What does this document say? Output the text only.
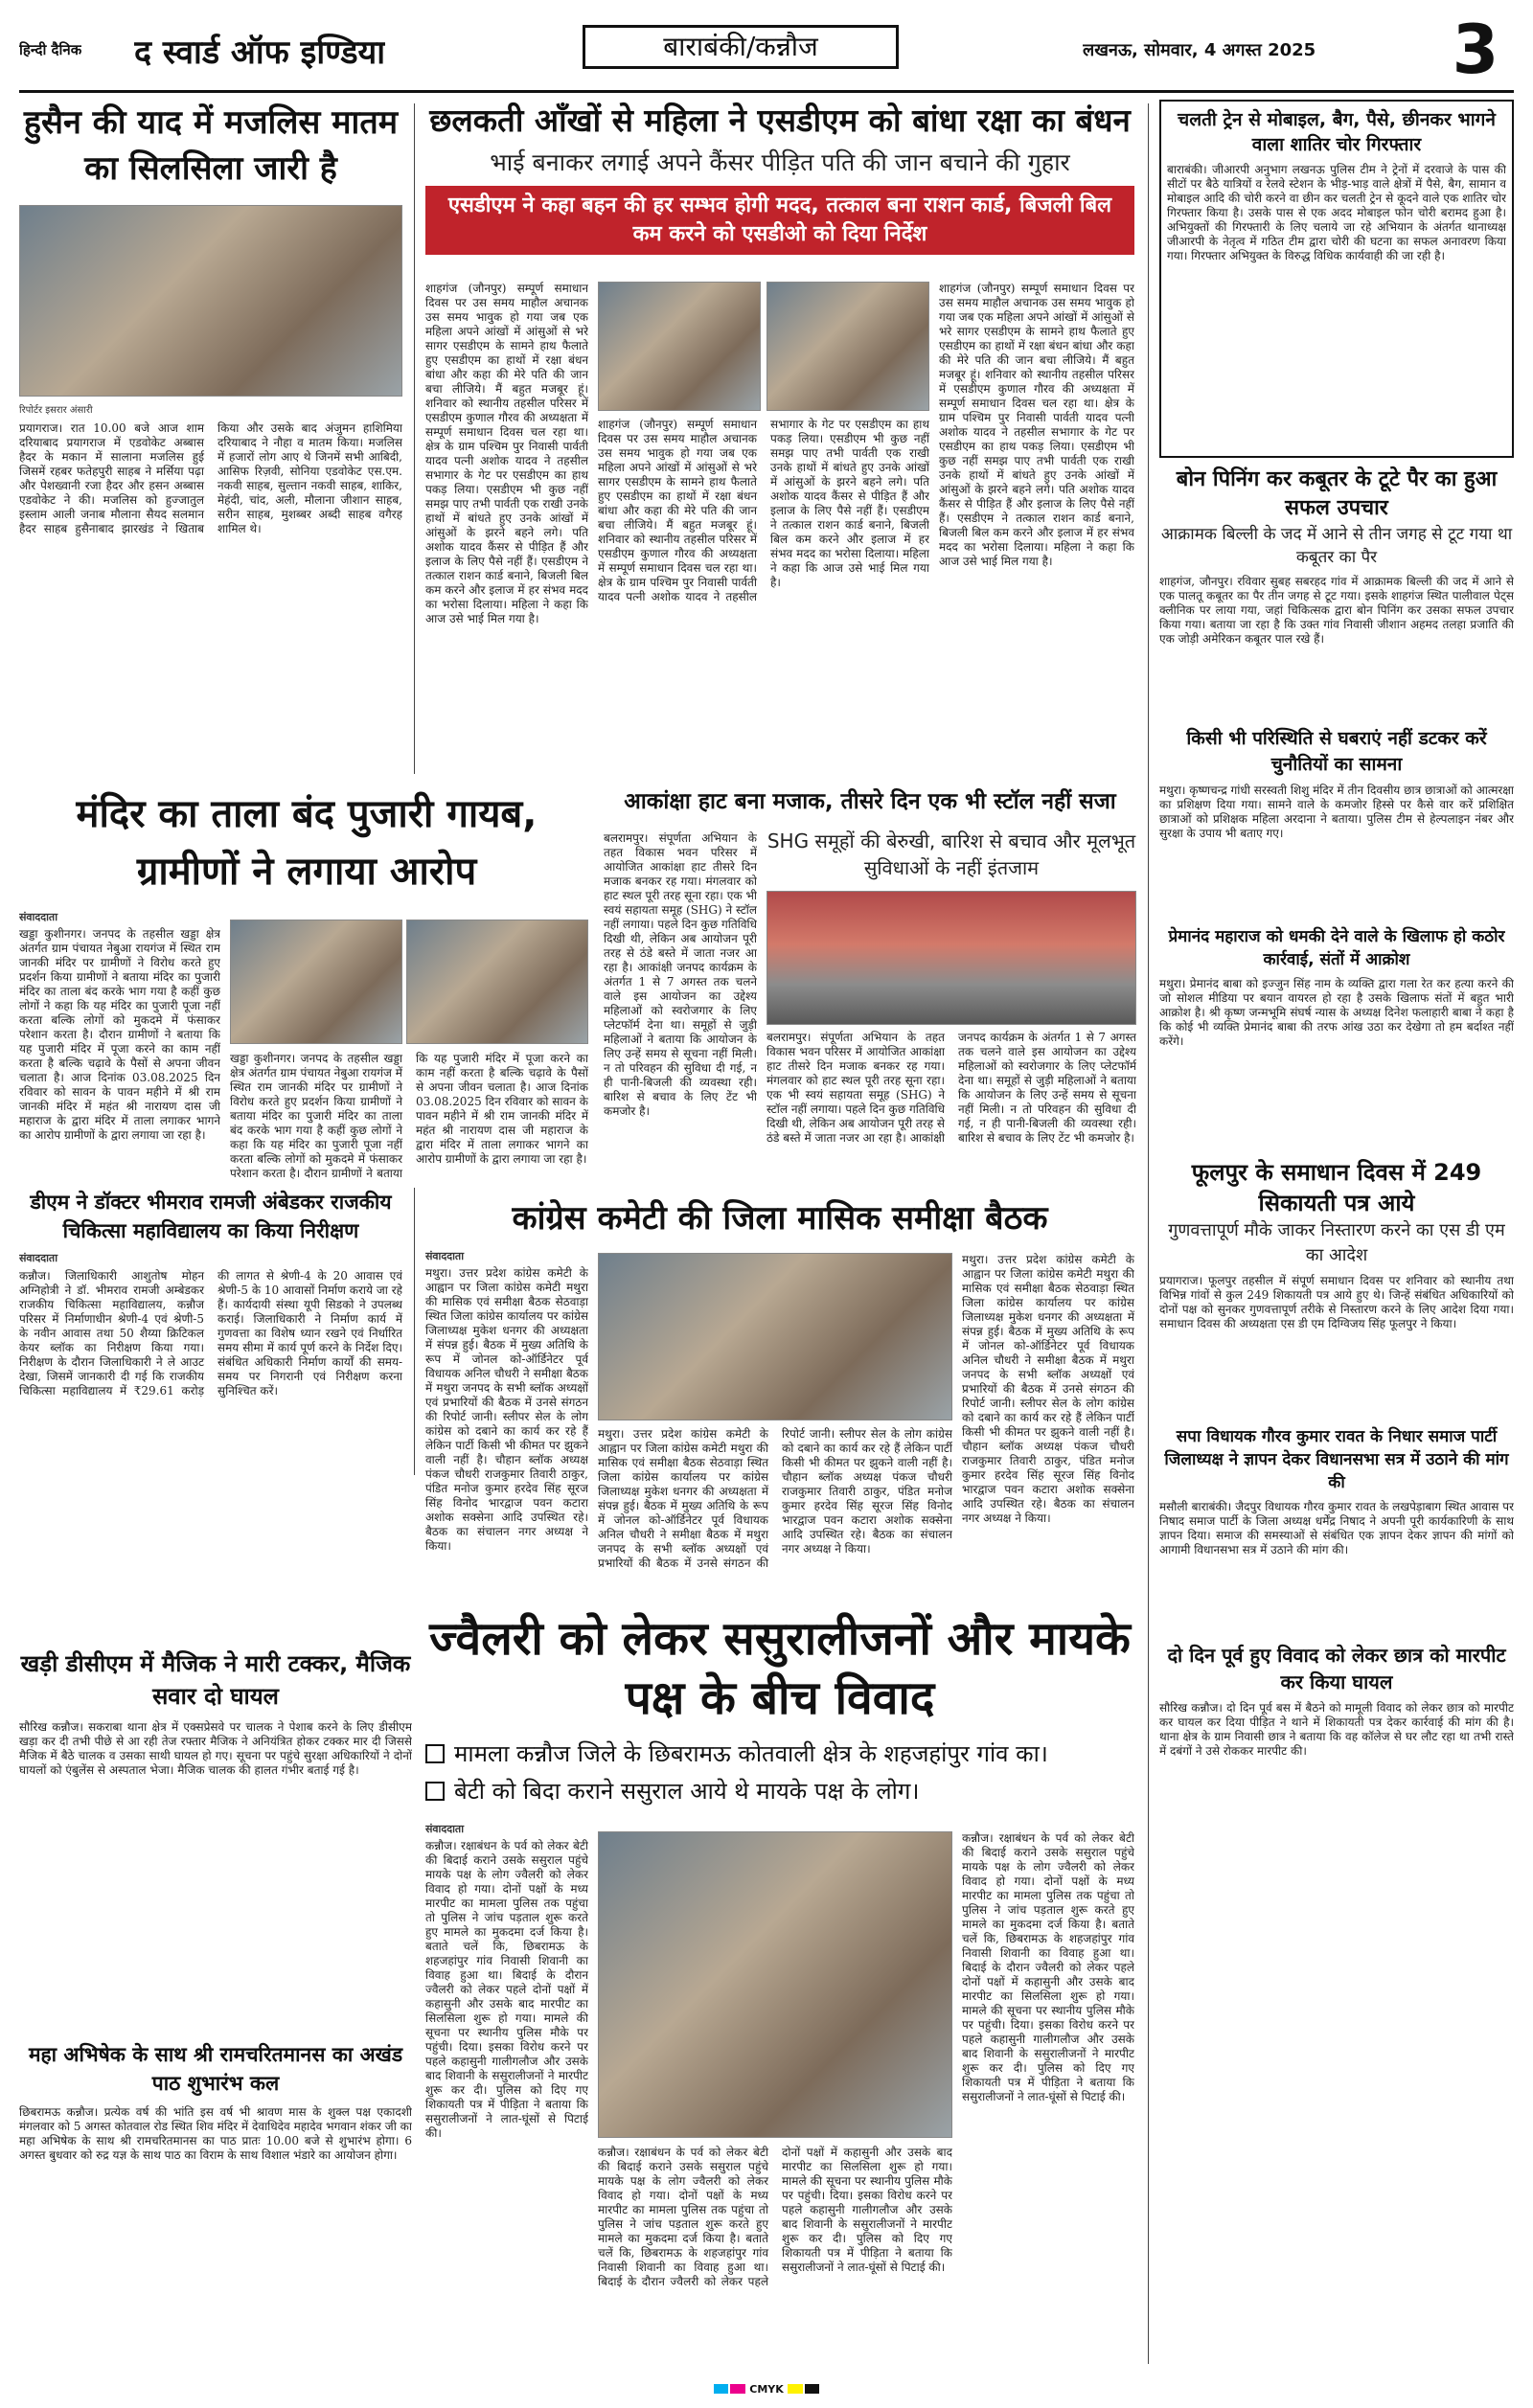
हिन्दी दैनिक द स्वार्ड ऑफ इण्डिया	बाराबंकी/कन्नौज	लखनऊ, सोमवार, 4 अगस्त 2025 3
हुसैन की याद में मजलिस मातम का सिलसिला जारी है
रिपोर्टर इसरार अंसारी
प्रयागराज। रात 10.00 बजे आज शाम दरियाबाद प्रयागराज में एडवोकेट अब्बास हैदर के मकान में सालाना मजलिस हुई जिसमें रहबर फतेहपुरी साहब ने मर्सिया पढ़ा और पेशख्वानी रजा हैदर और हसन अब्बास एडवोकेट ने की। मजलिस को हुज्जातुल इस्लाम आली जनाब मौलाना सैयद सलमान हैदर साहब हुसैनाबाद झारखंड ने खिताब किया और उसके बाद अंजुमन हाशिमिया दरियाबाद ने नौहा व मातम किया। मजलिस में हजारों लोग आए थे जिनमें सभी आबिदी, आसिफ रिज़वी, सोनिया एडवोकेट एस.एम. नकवी साहब, सुल्तान नकवी साहब, शाकिर, मेहंदी, चांद, अली, मौलाना जीशान साहब, सरीन साहब, मुशब्बर अब्दी साहब वगैरह शामिल थे।
छलकती आँखों से महिला ने एसडीएम को बांधा रक्षा का बंधन
भाई बनाकर लगाई अपने कैंसर पीड़ित पति की जान बचाने की गुहार
एसडीएम ने कहा बहन की हर सम्भव होगी मदद, तत्काल बना राशन कार्ड, बिजली बिल कम करने को एसडीओ को दिया निर्देश
शाहगंज (जौनपुर) सम्पूर्ण समाधान दिवस पर उस समय माहौल अचानक उस समय भावुक हो गया जब एक महिला अपने आंखों में आंसुओं से भरे सागर एसडीएम के सामने हाथ फैलाते हुए एसडीएम का हाथों में रक्षा बंधन बांधा और कहा की मेरे पति की जान बचा लीजिये। मैं बहुत मजबूर हूं। शनिवार को स्थानीय तहसील परिसर में एसडीएम कुणाल गौरव की अध्यक्षता में सम्पूर्ण समाधान दिवस चल रहा था। क्षेत्र के ग्राम पश्चिम पुर निवासी पार्वती यादव पत्नी अशोक यादव ने तहसील सभागार के गेट पर एसडीएम का हाथ पकड़ लिया। एसडीएम भी कुछ नहीं समझ पाए तभी पार्वती एक राखी उनके हाथों में बांधते हुए उनके आंखों में आंसुओं के झरने बहने लगे। पति अशोक यादव कैंसर से पीड़ित हैं और इलाज के लिए पैसे नहीं हैं। एसडीएम ने तत्काल राशन कार्ड बनाने, बिजली बिल कम करने और इलाज में हर संभव मदद का भरोसा दिलाया। महिला ने कहा कि आज उसे भाई मिल गया है।
शाहगंज (जौनपुर) सम्पूर्ण समाधान दिवस पर उस समय माहौल अचानक उस समय भावुक हो गया जब एक महिला अपने आंखों में आंसुओं से भरे सागर एसडीएम के सामने हाथ फैलाते हुए एसडीएम का हाथों में रक्षा बंधन बांधा और कहा की मेरे पति की जान बचा लीजिये। मैं बहुत मजबूर हूं। शनिवार को स्थानीय तहसील परिसर में एसडीएम कुणाल गौरव की अध्यक्षता में सम्पूर्ण समाधान दिवस चल रहा था। क्षेत्र के ग्राम पश्चिम पुर निवासी पार्वती यादव पत्नी अशोक यादव ने तहसील सभागार के गेट पर एसडीएम का हाथ पकड़ लिया। एसडीएम भी कुछ नहीं समझ पाए तभी पार्वती एक राखी उनके हाथों में बांधते हुए उनके आंखों में आंसुओं के झरने बहने लगे। पति अशोक यादव कैंसर से पीड़ित हैं और इलाज के लिए पैसे नहीं हैं। एसडीएम ने तत्काल राशन कार्ड बनाने, बिजली बिल कम करने और इलाज में हर संभव मदद का भरोसा दिलाया। महिला ने कहा कि आज उसे भाई मिल गया है।
शाहगंज (जौनपुर) सम्पूर्ण समाधान दिवस पर उस समय माहौल अचानक उस समय भावुक हो गया जब एक महिला अपने आंखों में आंसुओं से भरे सागर एसडीएम के सामने हाथ फैलाते हुए एसडीएम का हाथों में रक्षा बंधन बांधा और कहा की मेरे पति की जान बचा लीजिये। मैं बहुत मजबूर हूं। शनिवार को स्थानीय तहसील परिसर में एसडीएम कुणाल गौरव की अध्यक्षता में सम्पूर्ण समाधान दिवस चल रहा था। क्षेत्र के ग्राम पश्चिम पुर निवासी पार्वती यादव पत्नी अशोक यादव ने तहसील सभागार के गेट पर एसडीएम का हाथ पकड़ लिया। एसडीएम भी कुछ नहीं समझ पाए तभी पार्वती एक राखी उनके हाथों में बांधते हुए उनके आंखों में आंसुओं के झरने बहने लगे। पति अशोक यादव कैंसर से पीड़ित हैं और इलाज के लिए पैसे नहीं हैं। एसडीएम ने तत्काल राशन कार्ड बनाने, बिजली बिल कम करने और इलाज में हर संभव मदद का भरोसा दिलाया। महिला ने कहा कि आज उसे भाई मिल गया है।
मंदिर का ताला बंद पुजारी गायब, ग्रामीणों ने लगाया आरोप
संवाददाता
खड्डा कुशीनगर। जनपद के तहसील खड्डा क्षेत्र अंतर्गत ग्राम पंचायत नेबुआ रायगंज में स्थित राम जानकी मंदिर पर ग्रामीणों ने विरोध करते हुए प्रदर्शन किया ग्रामीणों ने बताया मंदिर का पुजारी मंदिर का ताला बंद करके भाग गया है कहीं कुछ लोगों ने कहा कि यह मंदिर का पुजारी पूजा नहीं करता बल्कि लोगों को मुकदमे में फंसाकर परेशान करता है। दौरान ग्रामीणों ने बताया कि यह पुजारी मंदिर में पूजा करने का काम नहीं करता है बल्कि चढ़ावे के पैसों से अपना जीवन चलाता है। आज दिनांक 03.08.2025 दिन रविवार को सावन के पावन महीने में श्री राम जानकी मंदिर में महंत श्री नारायण दास जी महाराज के द्वारा मंदिर में ताला लगाकर भागने का आरोप ग्रामीणों के द्वारा लगाया जा रहा है।
खड्डा कुशीनगर। जनपद के तहसील खड्डा क्षेत्र अंतर्गत ग्राम पंचायत नेबुआ रायगंज में स्थित राम जानकी मंदिर पर ग्रामीणों ने विरोध करते हुए प्रदर्शन किया ग्रामीणों ने बताया मंदिर का पुजारी मंदिर का ताला बंद करके भाग गया है कहीं कुछ लोगों ने कहा कि यह मंदिर का पुजारी पूजा नहीं करता बल्कि लोगों को मुकदमे में फंसाकर परेशान करता है। दौरान ग्रामीणों ने बताया कि यह पुजारी मंदिर में पूजा करने का काम नहीं करता है बल्कि चढ़ावे के पैसों से अपना जीवन चलाता है। आज दिनांक 03.08.2025 दिन रविवार को सावन के पावन महीने में श्री राम जानकी मंदिर में महंत श्री नारायण दास जी महाराज के द्वारा मंदिर में ताला लगाकर भागने का आरोप ग्रामीणों के द्वारा लगाया जा रहा है।
आकांक्षा हाट बना मजाक, तीसरे दिन एक भी स्टॉल नहीं सजा
बलरामपुर। संपूर्णता अभियान के तहत विकास भवन परिसर में आयोजित आकांक्षा हाट तीसरे दिन मजाक बनकर रह गया। मंगलवार को हाट स्थल पूरी तरह सूना रहा। एक भी स्वयं सहायता समूह (SHG) ने स्टॉल नहीं लगाया। पहले दिन कुछ गतिविधि दिखी थी, लेकिन अब आयोजन पूरी तरह से ठंडे बस्ते में जाता नजर आ रहा है। आकांक्षी जनपद कार्यक्रम के अंतर्गत 1 से 7 अगस्त तक चलने वाले इस आयोजन का उद्देश्य महिलाओं को स्वरोजगार के लिए प्लेटफॉर्म देना था। समूहों से जुड़ी महिलाओं ने बताया कि आयोजन के लिए उन्हें समय से सूचना नहीं मिली। न तो परिवहन की सुविधा दी गई, न ही पानी-बिजली की व्यवस्था रही। बारिश से बचाव के लिए टेंट भी कमजोर है।
SHG समूहों की बेरुखी, बारिश से बचाव और मूलभूत सुविधाओं के नहीं इंतजाम
बलरामपुर। संपूर्णता अभियान के तहत विकास भवन परिसर में आयोजित आकांक्षा हाट तीसरे दिन मजाक बनकर रह गया। मंगलवार को हाट स्थल पूरी तरह सूना रहा। एक भी स्वयं सहायता समूह (SHG) ने स्टॉल नहीं लगाया। पहले दिन कुछ गतिविधि दिखी थी, लेकिन अब आयोजन पूरी तरह से ठंडे बस्ते में जाता नजर आ रहा है। आकांक्षी जनपद कार्यक्रम के अंतर्गत 1 से 7 अगस्त तक चलने वाले इस आयोजन का उद्देश्य महिलाओं को स्वरोजगार के लिए प्लेटफॉर्म देना था। समूहों से जुड़ी महिलाओं ने बताया कि आयोजन के लिए उन्हें समय से सूचना नहीं मिली। न तो परिवहन की सुविधा दी गई, न ही पानी-बिजली की व्यवस्था रही। बारिश से बचाव के लिए टेंट भी कमजोर है।
डीएम ने डॉक्टर भीमराव रामजी अंबेडकर राजकीय चिकित्सा महाविद्यालय का किया निरीक्षण
संवाददाता
कन्नौज। जिलाधिकारी आशुतोष मोहन अग्निहोत्री ने डॉ. भीमराव रामजी अम्बेडकर राजकीय चिकित्सा महाविद्यालय, कन्नौज परिसर में निर्माणाधीन श्रेणी-4 एवं श्रेणी-5 के नवीन आवास तथा 50 शैय्या क्रिटिकल केयर ब्लॉक का निरीक्षण किया गया। निरीक्षण के दौरान जिलाधिकारी ने ले आउट देखा, जिसमें जानकारी दी गई कि राजकीय चिकित्सा महाविद्यालय में ₹29.61 करोड़ की लागत से श्रेणी-4 के 20 आवास एवं श्रेणी-5 के 10 आवासों निर्माण कराये जा रहे हैं। कार्यदायी संस्था यूपी सिडको ने उपलब्ध कराई। जिलाधिकारी ने निर्माण कार्य में गुणवत्ता का विशेष ध्यान रखने एवं निर्धारित समय सीमा में कार्य पूर्ण करने के निर्देश दिए। संबंधित अधिकारी निर्माण कार्यों की समय-समय पर निगरानी एवं निरीक्षण करना सुनिश्चित करें।
कांग्रेस कमेटी की जिला मासिक समीक्षा बैठक
संवाददाता
मथुरा। उत्तर प्रदेश कांग्रेस कमेटी के आह्वान पर जिला कांग्रेस कमेटी मथुरा की मासिक एवं समीक्षा बैठक सेठवाड़ा स्थित जिला कांग्रेस कार्यालय पर कांग्रेस जिलाध्यक्ष मुकेश धनगर की अध्यक्षता में संपन्न हुई। बैठक में मुख्य अतिथि के रूप में जोनल को-ऑर्डिनेटर पूर्व विधायक अनिल चौधरी ने समीक्षा बैठक में मथुरा जनपद के सभी ब्लॉक अध्यक्षों एवं प्रभारियों की बैठक में उनसे संगठन की रिपोर्ट जानी। स्लीपर सेल के लोग कांग्रेस को दबाने का कार्य कर रहे हैं लेकिन पार्टी किसी भी कीमत पर झुकने वाली नहीं है। चौहान ब्लॉक अध्यक्ष पंकज चौधरी राजकुमार तिवारी ठाकुर, पंडित मनोज कुमार हरदेव सिंह सूरज सिंह विनोद भारद्वाज पवन कटारा अशोक सक्सेना आदि उपस्थित रहे। बैठक का संचालन नगर अध्यक्ष ने किया।
मथुरा। उत्तर प्रदेश कांग्रेस कमेटी के आह्वान पर जिला कांग्रेस कमेटी मथुरा की मासिक एवं समीक्षा बैठक सेठवाड़ा स्थित जिला कांग्रेस कार्यालय पर कांग्रेस जिलाध्यक्ष मुकेश धनगर की अध्यक्षता में संपन्न हुई। बैठक में मुख्य अतिथि के रूप में जोनल को-ऑर्डिनेटर पूर्व विधायक अनिल चौधरी ने समीक्षा बैठक में मथुरा जनपद के सभी ब्लॉक अध्यक्षों एवं प्रभारियों की बैठक में उनसे संगठन की रिपोर्ट जानी। स्लीपर सेल के लोग कांग्रेस को दबाने का कार्य कर रहे हैं लेकिन पार्टी किसी भी कीमत पर झुकने वाली नहीं है। चौहान ब्लॉक अध्यक्ष पंकज चौधरी राजकुमार तिवारी ठाकुर, पंडित मनोज कुमार हरदेव सिंह सूरज सिंह विनोद भारद्वाज पवन कटारा अशोक सक्सेना आदि उपस्थित रहे। बैठक का संचालन नगर अध्यक्ष ने किया।
मथुरा। उत्तर प्रदेश कांग्रेस कमेटी के आह्वान पर जिला कांग्रेस कमेटी मथुरा की मासिक एवं समीक्षा बैठक सेठवाड़ा स्थित जिला कांग्रेस कार्यालय पर कांग्रेस जिलाध्यक्ष मुकेश धनगर की अध्यक्षता में संपन्न हुई। बैठक में मुख्य अतिथि के रूप में जोनल को-ऑर्डिनेटर पूर्व विधायक अनिल चौधरी ने समीक्षा बैठक में मथुरा जनपद के सभी ब्लॉक अध्यक्षों एवं प्रभारियों की बैठक में उनसे संगठन की रिपोर्ट जानी। स्लीपर सेल के लोग कांग्रेस को दबाने का कार्य कर रहे हैं लेकिन पार्टी किसी भी कीमत पर झुकने वाली नहीं है। चौहान ब्लॉक अध्यक्ष पंकज चौधरी राजकुमार तिवारी ठाकुर, पंडित मनोज कुमार हरदेव सिंह सूरज सिंह विनोद भारद्वाज पवन कटारा अशोक सक्सेना आदि उपस्थित रहे। बैठक का संचालन नगर अध्यक्ष ने किया।
ज्वैलरी को लेकर ससुरालीजनों और मायके पक्ष के बीच विवाद
मामला कन्नौज जिले के छिबरामऊ कोतवाली क्षेत्र के शहजहांपुर गांव का।
बेटी को बिदा कराने ससुराल आये थे मायके पक्ष के लोग।
संवाददाता
कन्नौज। रक्षाबंधन के पर्व को लेकर बेटी की बिदाई कराने उसके ससुराल पहुंचे मायके पक्ष के लोग ज्वैलरी को लेकर विवाद हो गया। दोनों पक्षों के मध्य मारपीट का मामला पुलिस तक पहुंचा तो पुलिस ने जांच पड़ताल शुरू करते हुए मामले का मुकदमा दर्ज किया है। बताते चलें कि, छिबरामऊ के शहजहांपुर गांव निवासी शिवानी का विवाह हुआ था। बिदाई के दौरान ज्वैलरी को लेकर पहले दोनों पक्षों में कहासुनी और उसके बाद मारपीट का सिलसिला शुरू हो गया। मामले की सूचना पर स्थानीय पुलिस मौके पर पहुंची। दिया। इसका विरोध करने पर पहले कहासुनी गालीगलौज और उसके बाद शिवानी के ससुरालीजनों ने मारपीट शुरू कर दी। पुलिस को दिए गए शिकायती पत्र में पीड़िता ने बताया कि ससुरालीजनों ने लात-घूंसों से पिटाई की।
कन्नौज। रक्षाबंधन के पर्व को लेकर बेटी की बिदाई कराने उसके ससुराल पहुंचे मायके पक्ष के लोग ज्वैलरी को लेकर विवाद हो गया। दोनों पक्षों के मध्य मारपीट का मामला पुलिस तक पहुंचा तो पुलिस ने जांच पड़ताल शुरू करते हुए मामले का मुकदमा दर्ज किया है। बताते चलें कि, छिबरामऊ के शहजहांपुर गांव निवासी शिवानी का विवाह हुआ था। बिदाई के दौरान ज्वैलरी को लेकर पहले दोनों पक्षों में कहासुनी और उसके बाद मारपीट का सिलसिला शुरू हो गया। मामले की सूचना पर स्थानीय पुलिस मौके पर पहुंची। दिया। इसका विरोध करने पर पहले कहासुनी गालीगलौज और उसके बाद शिवानी के ससुरालीजनों ने मारपीट शुरू कर दी। पुलिस को दिए गए शिकायती पत्र में पीड़िता ने बताया कि ससुरालीजनों ने लात-घूंसों से पिटाई की।
कन्नौज। रक्षाबंधन के पर्व को लेकर बेटी की बिदाई कराने उसके ससुराल पहुंचे मायके पक्ष के लोग ज्वैलरी को लेकर विवाद हो गया। दोनों पक्षों के मध्य मारपीट का मामला पुलिस तक पहुंचा तो पुलिस ने जांच पड़ताल शुरू करते हुए मामले का मुकदमा दर्ज किया है। बताते चलें कि, छिबरामऊ के शहजहांपुर गांव निवासी शिवानी का विवाह हुआ था। बिदाई के दौरान ज्वैलरी को लेकर पहले दोनों पक्षों में कहासुनी और उसके बाद मारपीट का सिलसिला शुरू हो गया। मामले की सूचना पर स्थानीय पुलिस मौके पर पहुंची। दिया। इसका विरोध करने पर पहले कहासुनी गालीगलौज और उसके बाद शिवानी के ससुरालीजनों ने मारपीट शुरू कर दी। पुलिस को दिए गए शिकायती पत्र में पीड़िता ने बताया कि ससुरालीजनों ने लात-घूंसों से पिटाई की।
खड़ी डीसीएम में मैजिक ने मारी टक्कर, मैजिक सवार दो घायल
सौरिख कन्नौज। सकराबा थाना क्षेत्र में एक्सप्रेसवे पर चालक ने पेशाब करने के लिए डीसीएम खड़ा कर दी तभी पीछे से आ रही तेज रफ्तार मैजिक ने अनियंत्रित होकर टक्कर मार दी जिससे मैजिक में बैठे चालक व उसका साथी घायल हो गए। सूचना पर पहुंचे सुरक्षा अधिकारियों ने दोनों घायलों को एंबुलेंस से अस्पताल भेजा। मैजिक चालक की हालत गंभीर बताई गई है।
महा अभिषेक के साथ श्री रामचरितमानस का अखंड पाठ शुभारंभ कल
छिबरामऊ कन्नौज। प्रत्येक वर्ष की भांति इस वर्ष भी श्रावण मास के शुक्ल पक्ष एकादशी मंगलवार को 5 अगस्त कोतवाल रोड स्थित शिव मंदिर में देवाधिदेव महादेव भगवान शंकर जी का महा अभिषेक के साथ श्री रामचरितमानस का पाठ प्रातः 10.00 बजे से शुभारंभ होगा। 6 अगस्त बुधवार को रुद्र यज्ञ के साथ पाठ का विराम के साथ विशाल भंडारे का आयोजन होगा।
चलती ट्रेन से मोबाइल, बैग, पैसे, छीनकर भागने वाला शातिर चोर गिरफ्तार
बाराबंकी। जीआरपी अनुभाग लखनऊ पुलिस टीम ने ट्रेनों में दरवाजे के पास की सीटों पर बैठे यात्रियों व रेलवे स्टेशन के भीड़-भाड़ वाले क्षेत्रों में पैसे, बैग, सामान व मोबाइल आदि की चोरी करने वा छीन कर चलती ट्रेन से कूदने वाले एक शातिर चोर गिरफ्तार किया है। उसके पास से एक अदद मोबाइल फोन चोरी बरामद हुआ है। अभियुक्तों की गिरफ्तारी के लिए चलाये जा रहे अभियान के अंतर्गत थानाध्यक्ष जीआरपी के नेतृत्व में गठित टीम द्वारा चोरी की घटना का सफल अनावरण किया गया। गिरफ्तार अभियुक्त के विरुद्ध विधिक कार्यवाही की जा रही है।
बोन पिनिंग कर कबूतर के टूटे पैर का हुआ सफल उपचार
आक्रामक बिल्ली के जद में आने से तीन जगह से टूट गया था कबूतर का पैर
शाहगंज, जौनपुर। रविवार सुबह सबरहद गांव में आक्रामक बिल्ली की जद में आने से एक पालतू कबूतर का पैर तीन जगह से टूट गया। इसके शाहगंज स्थित पालीवाल पेट्स क्लीनिक पर लाया गया, जहां चिकित्सक द्वारा बोन पिनिंग कर उसका सफल उपचार किया गया। बताया जा रहा है कि उक्त गांव निवासी जीशान अहमद तलहा प्रजाति की एक जोड़ी अमेरिकन कबूतर पाल रखे हैं।
किसी भी परिस्थिति से घबराएं नहीं डटकर करें चुनौतियों का सामना
मथुरा। कृष्णचन्द्र गांधी सरस्वती शिशु मंदिर में तीन दिवसीय छात्र छात्राओं को आत्मरक्षा का प्रशिक्षण दिया गया। सामने वाले के कमजोर हिस्से पर कैसे वार करें प्रशिक्षित छात्राओं को प्रशिक्षक महिला अरदाना ने बताया। पुलिस टीम से हेल्पलाइन नंबर और सुरक्षा के उपाय भी बताए गए।
प्रेमानंद महाराज को धमकी देने वाले के खिलाफ हो कठोर कार्रवाई, संतों में आक्रोश
मथुरा। प्रेमानंद बाबा को इज्जुन सिंह नाम के व्यक्ति द्वारा गला रेत कर हत्या करने की जो सोशल मीडिया पर बयान वायरल हो रहा है उसके खिलाफ संतों में बहुत भारी आक्रोश है। श्री कृष्ण जन्मभूमि संघर्ष न्यास के अध्यक्ष दिनेश फलाहारी बाबा ने कहा है कि कोई भी व्यक्ति प्रेमानंद बाबा की तरफ आंख उठा कर देखेगा तो हम बर्दाश्त नहीं करेंगे।
फूलपुर के समाधान दिवस में 249 सिकायती पत्र आये
गुणवत्तापूर्ण मौके जाकर निस्तारण करने का एस डी एम का आदेश
प्रयागराज। फूलपुर तहसील में संपूर्ण समाधान दिवस पर शनिवार को स्थानीय तथा विभिन्न गांवों से कुल 249 शिकायती पत्र आये हुए थे। जिन्हें संबंधित अधिकारियों को दोनों पक्ष को सुनकर गुणवत्तापूर्ण तरीके से निस्तारण करने के लिए आदेश दिया गया। समाधान दिवस की अध्यक्षता एस डी एम दिग्विजय सिंह फूलपुर ने किया।
सपा विधायक गौरव कुमार रावत के निधार समाज पार्टी जिलाध्यक्ष ने ज्ञापन देकर विधानसभा सत्र में उठाने की मांग की
मसौली बाराबंकी। जैदपुर विधायक गौरव कुमार रावत के लखपेड़ाबाग स्थित आवास पर निषाद समाज पार्टी के जिला अध्यक्ष धर्मेंद्र निषाद ने अपनी पूरी कार्यकारिणी के साथ ज्ञापन दिया। समाज की समस्याओं से संबंधित एक ज्ञापन देकर ज्ञापन की मांगों को आगामी विधानसभा सत्र में उठाने की मांग की।
दो दिन पूर्व हुए विवाद को लेकर छात्र को मारपीट कर किया घायल
सौरिख कन्नौज। दो दिन पूर्व बस में बैठने को मामूली विवाद को लेकर छात्र को मारपीट कर घायल कर दिया पीड़ित ने थाने में शिकायती पत्र देकर कार्रवाई की मांग की है। थाना क्षेत्र के ग्राम निवासी छात्र ने बताया कि वह कॉलेज से घर लौट रहा था तभी रास्ते में दबंगों ने उसे रोककर मारपीट की।
CMYK
